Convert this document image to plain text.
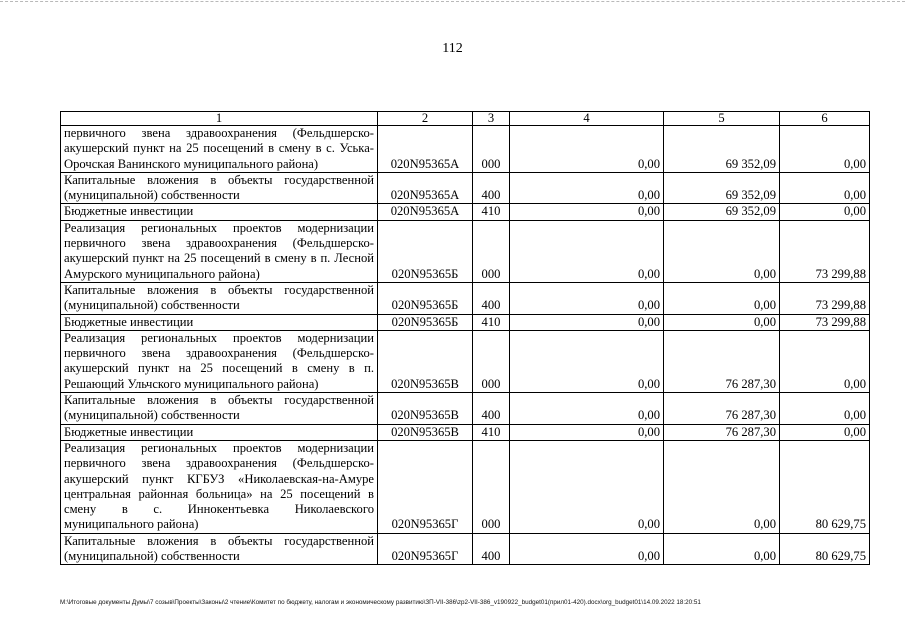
112
1	2	3	4	5	6
первичного звена здравоохранения (Фельдшерско-акушерский пункт на 25 посещений в смену в с. Уська-Орочская Ванинского муниципального района)	020N95365А	000	0,00	69 352,09	0,00
Капитальные вложения в объекты государственной (муниципальной) собственности	020N95365А	400	0,00	69 352,09	0,00
Бюджетные инвестиции	020N95365А	410	0,00	69 352,09	0,00
Реализация региональных проектов модернизации первичного звена здравоохранения (Фельдшерско-акушерский пункт на 25 посещений в смену в п. Лесной Амурского муниципального района)	020N95365Б	000	0,00	0,00	73 299,88
Капитальные вложения в объекты государственной (муниципальной) собственности	020N95365Б	400	0,00	0,00	73 299,88
Бюджетные инвестиции	020N95365Б	410	0,00	0,00	73 299,88
Реализация региональных проектов модернизации первичного звена здравоохранения (Фельдшерско-акушерский пункт на 25 посещений в смену в п. Решающий Ульчского муниципального района)	020N95365В	000	0,00	76 287,30	0,00
Капитальные вложения в объекты государственной (муниципальной) собственности	020N95365В	400	0,00	76 287,30	0,00
Бюджетные инвестиции	020N95365В	410	0,00	76 287,30	0,00
Реализация региональных проектов модернизации первичного звена здравоохранения (Фельдшерско-акушерский пункт КГБУЗ «Николаевская-на-Амуре центральная районная больница» на 25 посещений в смену в с. Иннокентьевка Николаевского муниципального района)	020N95365Г	000	0,00	0,00	80 629,75
Капитальные вложения в объекты государственной (муниципальной) собственности	020N95365Г	400	0,00	0,00	80 629,75
M:\Итоговые документы Думы\7 созыв\Проекты\Законы\2 чтение\Комитет по бюджету, налогам и экономическому развитию\ЗП-VII-386\zp2-VII-386_v190922_budget01(прил01-420).docx\org_budget01\14.09.2022 18:20:51
